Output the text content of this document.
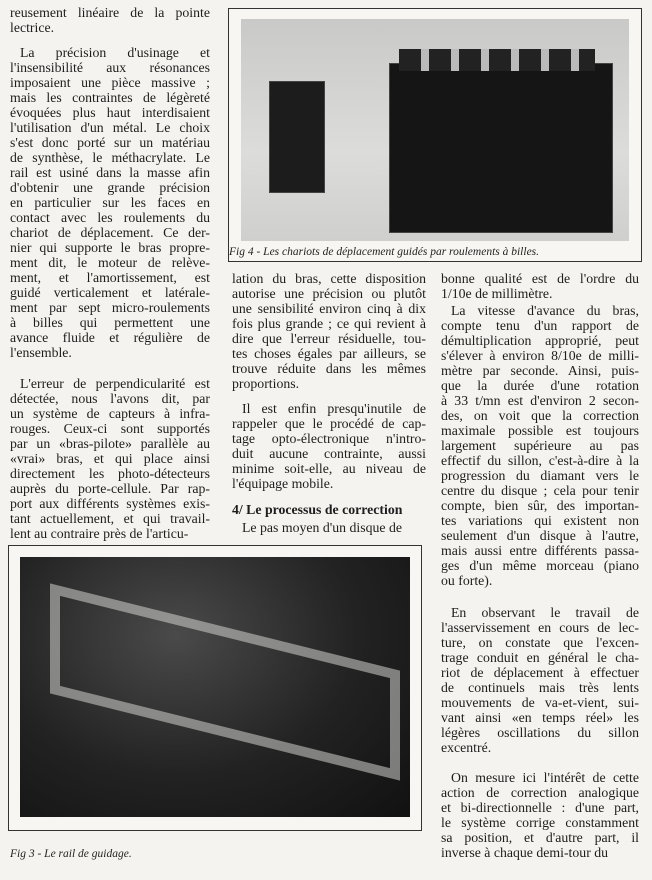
Fig 4 - Les chariots de déplacement guidés par roulements à billes.
Fig 3 - Le rail de guidage.
reusement linéaire de la pointe
lectrice.
La précision d'usinage et
l'insensibilité aux résonances
imposaient une pièce massive ;
mais les contraintes de légèreté
évoquées plus haut interdisaient
l'utilisation d'un métal. Le choix
s'est donc porté sur un matériau
de synthèse, le méthacrylate. Le
rail est usiné dans la masse afin
d'obtenir une grande précision
en particulier sur les faces en
contact avec les roulements du
chariot de déplacement. Ce der-
nier qui supporte le bras propre-
ment dit, le moteur de relève-
ment, et l'amortissement, est
guidé verticalement et latérale-
ment par sept micro-roulements
à billes qui permettent une
avance fluide et régulière de
l'ensemble.
L'erreur de perpendicularité est
détectée, nous l'avons dit, par
un système de capteurs à infra-
rouges. Ceux-ci sont supportés
par un «bras-pilote» parallèle au
«vrai» bras, et qui place ainsi
directement les photo-détecteurs
auprès du porte-cellule. Par rap-
port aux différents systèmes exis-
tant actuellement, et qui travail-
lent au contraire près de l'articu-
lation du bras, cette disposition
autorise une précision ou plutôt
une sensibilité environ cinq à dix
fois plus grande ; ce qui revient à
dire que l'erreur résiduelle, tou-
tes choses égales par ailleurs, se
trouve réduite dans les mêmes
proportions.
Il est enfin presqu'inutile de
rappeler que le procédé de cap-
tage opto-électronique n'intro-
duit aucune contrainte, aussi
minime soit-elle, au niveau de
l'équipage mobile.
Le pas moyen d'un disque de
bonne qualité est de l'ordre du
1/10e de millimètre.
La vitesse d'avance du bras,
compte tenu d'un rapport de
démultiplication approprié, peut
s'élever à environ 8/10e de milli-
mètre par seconde. Ainsi, puis-
que la durée d'une rotation
à 33 t/mn est d'environ 2 secon-
des, on voit que la correction
maximale possible est toujours
largement supérieure au pas
effectif du sillon, c'est-à-dire à la
progression du diamant vers le
centre du disque ; cela pour tenir
compte, bien sûr, des importan-
tes variations qui existent non
seulement d'un disque à l'autre,
mais aussi entre différents passa-
ges d'un même morceau (piano
ou forte).
En observant le travail de
l'asservissement en cours de lec-
ture, on constate que l'excen-
trage conduit en général le cha-
riot de déplacement à effectuer
de continuels mais très lents
mouvements de va-et-vient, sui-
vant ainsi «en temps réel» les
légères oscillations du sillon
excentré.
On mesure ici l'intérêt de cette
action de correction analogique
et bi-directionnelle : d'une part,
le système corrige constamment
sa position, et d'autre part, il
inverse à chaque demi-tour du
4/ Le processus de correction
